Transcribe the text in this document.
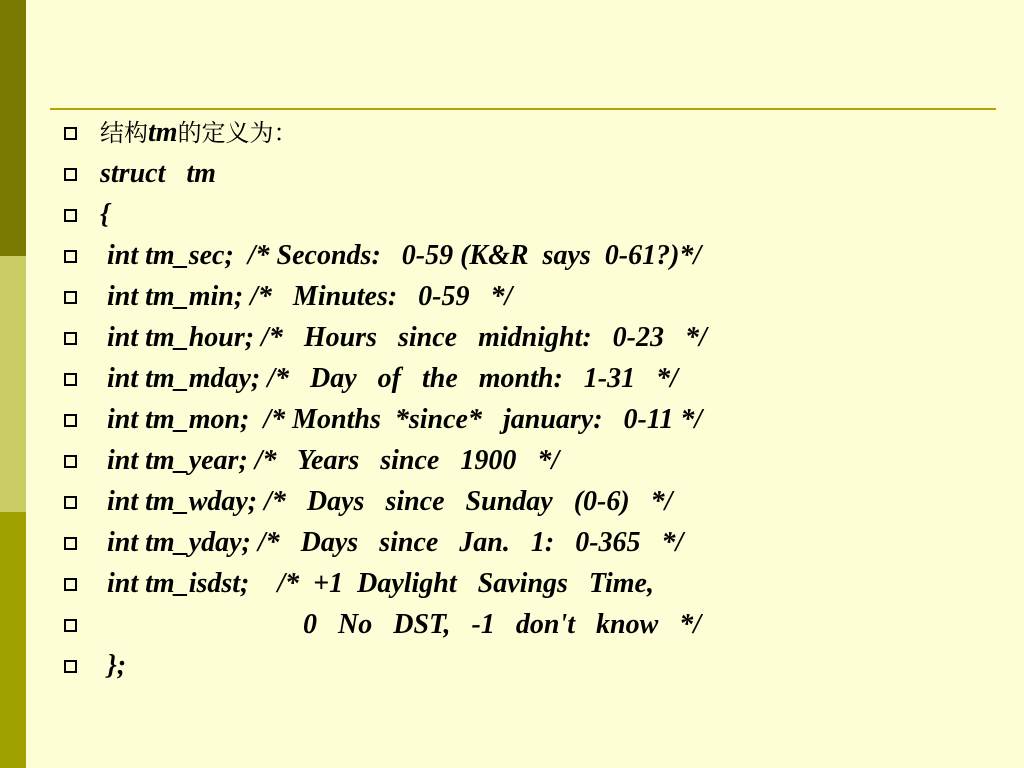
结构tm的定义为：

struct   tm

{

int tm_sec;  /* Seconds:   0-59 (K&R  says  0-61?)*/

int tm_min; /*   Minutes:   0-59   */

int tm_hour; /*   Hours   since   midnight:   0-23   */

int tm_mday; /*   Day   of   the   month:   1-31   */

int tm_mon;  /* Months  *since*   january:   0-11 */

int tm_year; /*   Years   since   1900   */

int tm_wday; /*   Days   since   Sunday   (0-6)   */

int tm_yday; /*   Days   since   Jan.   1:   0-365   */

int tm_isdst;    /*  +1  Daylight   Savings   Time,

0   No   DST,   -1   don't   know   */

};
